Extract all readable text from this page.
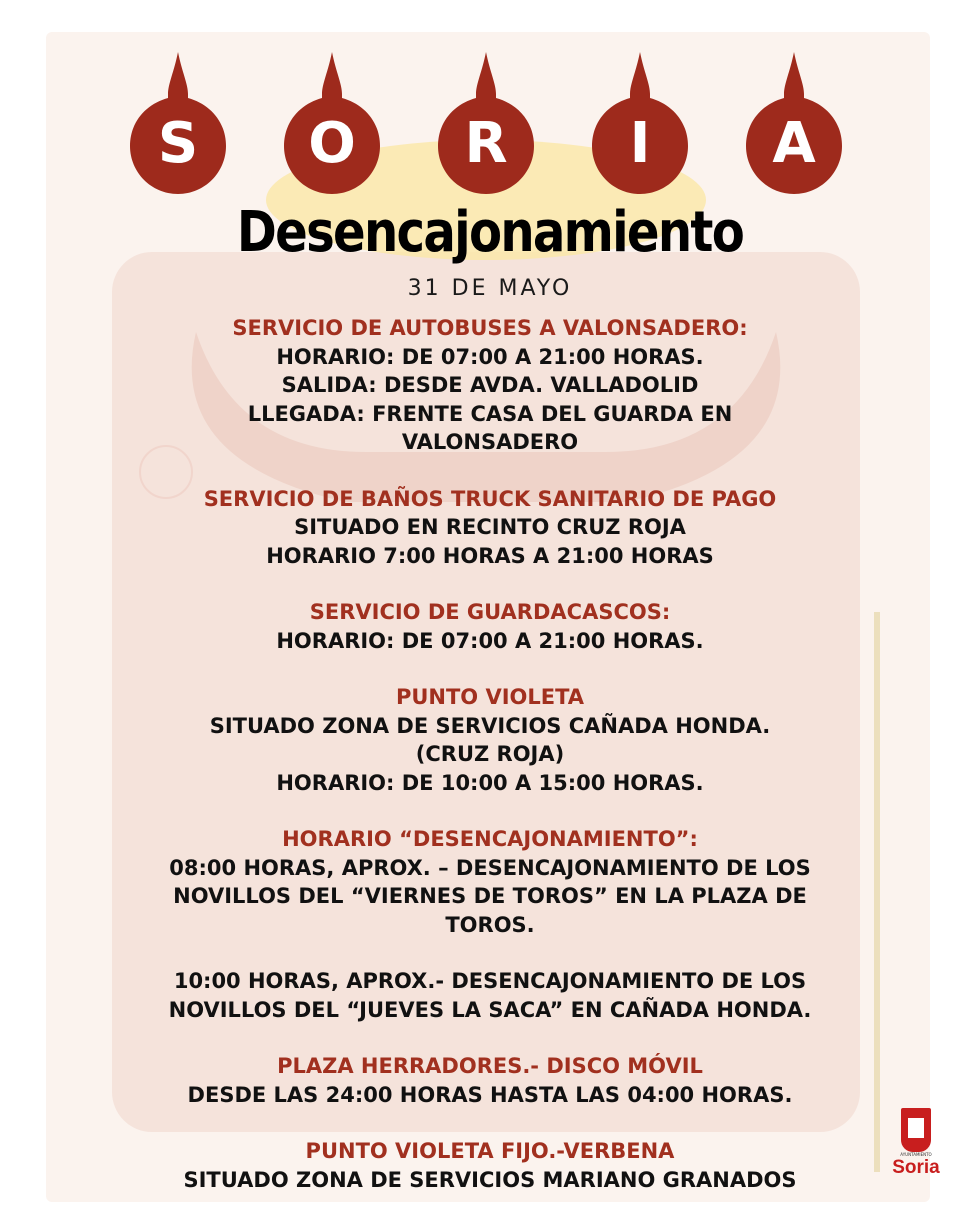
S	O	R	I	A
Desencajonamiento
31 DE MAYO
SERVICIO DE AUTOBUSES A VALONSADERO:
HORARIO: DE 07:00 A 21:00 HORAS.
SALIDA: DESDE AVDA. VALLADOLID
LLEGADA: FRENTE CASA DEL GUARDA EN
VALONSADERO
SERVICIO DE BAÑOS TRUCK SANITARIO DE PAGO
SITUADO EN RECINTO CRUZ ROJA
HORARIO 7:00 HORAS A 21:00 HORAS
SERVICIO DE GUARDACASCOS:
HORARIO: DE 07:00 A 21:00 HORAS.
PUNTO VIOLETA
SITUADO ZONA DE SERVICIOS CAÑADA HONDA.
(CRUZ ROJA)
HORARIO: DE 10:00 A 15:00 HORAS.
HORARIO “DESENCAJONAMIENTO”:
08:00 HORAS, APROX. – DESENCAJONAMIENTO DE LOS
NOVILLOS DEL “VIERNES DE TOROS” EN LA PLAZA DE
TOROS.
10:00 HORAS, APROX.- DESENCAJONAMIENTO DE LOS
NOVILLOS DEL “JUEVES LA SACA” EN CAÑADA HONDA.
PLAZA HERRADORES.- DISCO MÓVIL
DESDE LAS 24:00 HORAS HASTA LAS 04:00 HORAS.
PUNTO VIOLETA FIJO.-VERBENA
SITUADO ZONA DE SERVICIOS MARIANO GRANADOS
AYUNTAMIENTO
Soria
